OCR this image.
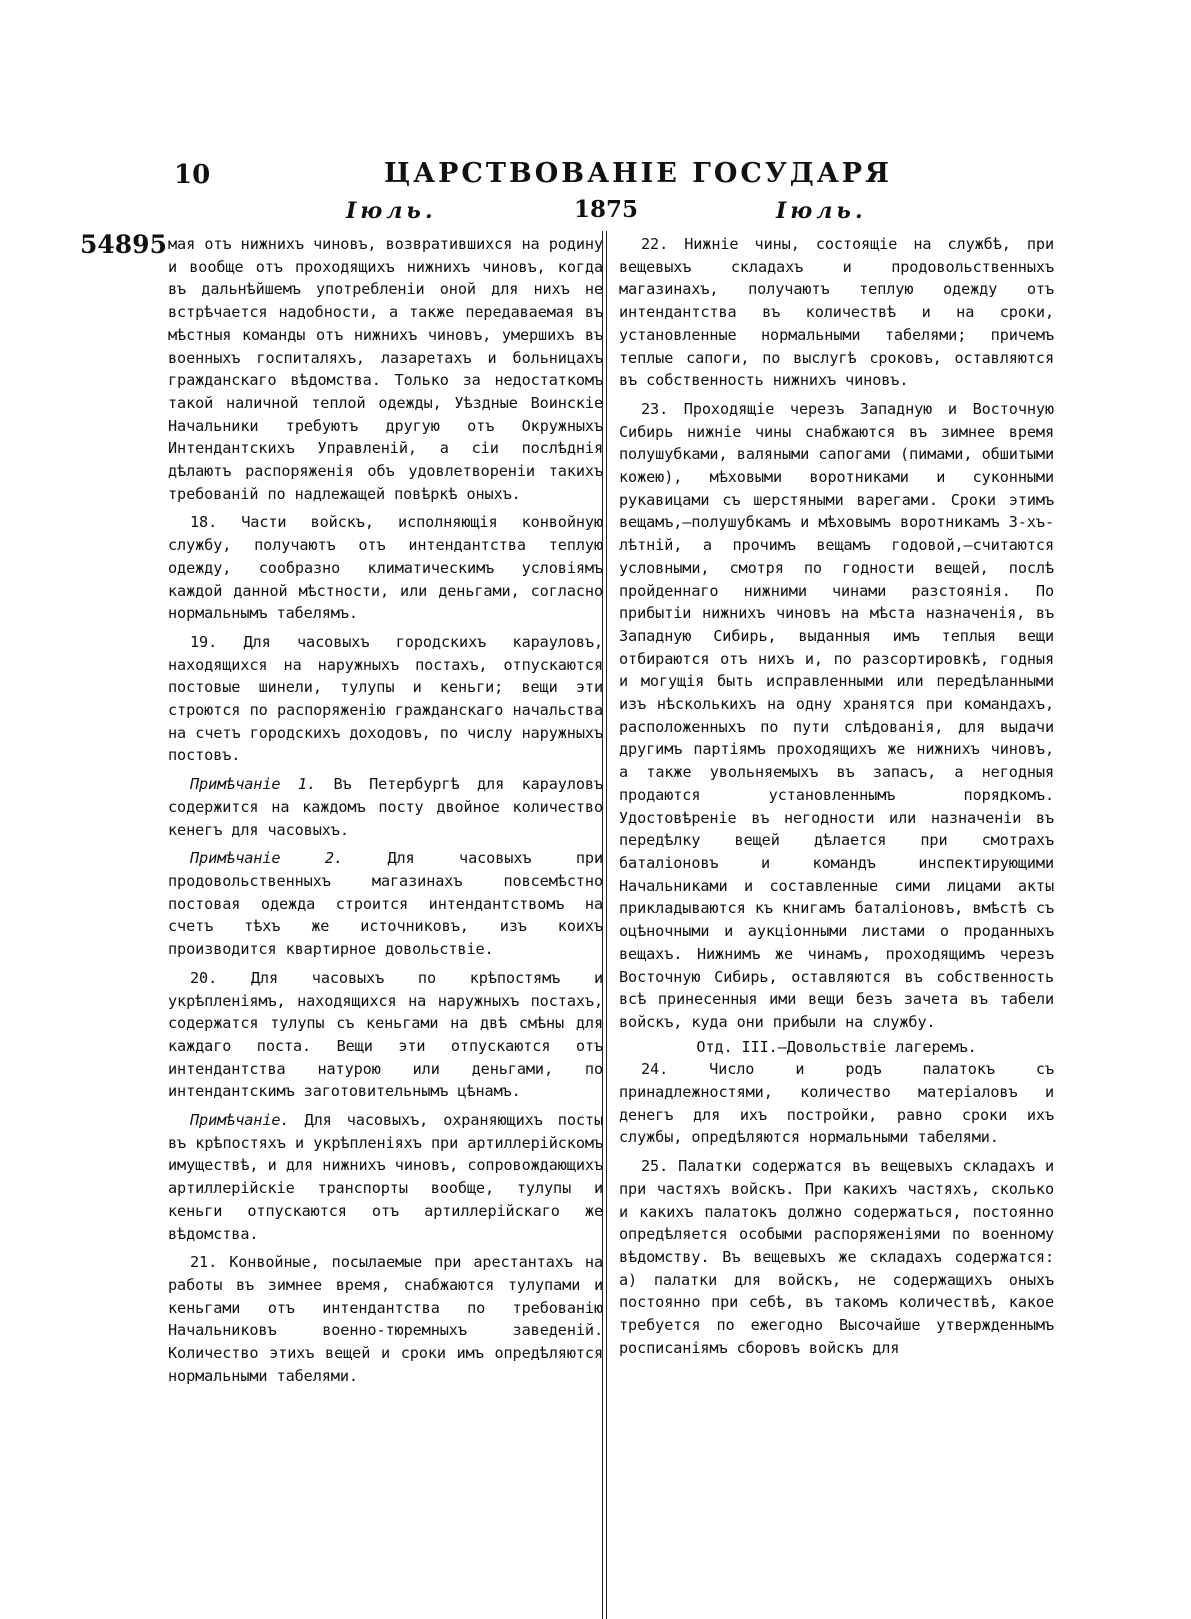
10	ЦАРСТВОВАНІЕ ГОСУДАРЯ
Іюль.	1875	Іюль.
54895 мая отъ нижнихъ чиновъ, возвратившихся на родину и вообще отъ проходящихъ нижнихъ чиновъ, когда въ дальнѣйшемъ употребленіи оной для нихъ не встрѣчается надобности, а также передаваемая въ мѣстныя команды отъ нижнихъ чиновъ, умершихъ въ военныхъ госпиталяхъ, лазаретахъ и больницахъ гражданскаго вѣдомства. Только за недостаткомъ такой наличной теплой одежды, Уѣздные Воинскіе Начальники требуютъ другую отъ Окружныхъ Интендантскихъ Управленій, а сіи послѣднія дѣлаютъ распоряженія объ удовлетвореніи такихъ требованій по надлежащей повѣркѣ оныхъ.

18. Части войскъ, исполняющія конвойную службу, получаютъ отъ интендантства теплую одежду, сообразно климатическимъ условіямъ каждой данной мѣстности, или деньгами, согласно нормальнымъ табелямъ.

19. Для часовыхъ городскихъ карауловъ, находящихся на наружныхъ постахъ, отпускаются постовые шинели, тулупы и кеньги; вещи эти строются по распоряженію гражданскаго начальства на счетъ городскихъ доходовъ, по числу наружныхъ постовъ.

Примѣчаніе 1. Въ Петербургѣ для карауловъ содержится на каждомъ посту двойное количество кенегъ для часовыхъ.

Примѣчаніе 2. Для часовыхъ при продовольственныхъ магазинахъ повсемѣстно постовая одежда строится интендантствомъ на счетъ тѣхъ же источниковъ, изъ коихъ производится квартирное довольствіе.

20. Для часовыхъ по крѣпостямъ и укрѣпленіямъ, находящихся на наружныхъ постахъ, содержатся тулупы съ кеньгами на двѣ смѣны для каждаго поста. Вещи эти отпускаются отъ интендантства натурою или деньгами, по интендантскимъ заготовительнымъ цѣнамъ.

Примѣчаніе. Для часовыхъ, охраняющихъ посты въ крѣпостяхъ и укрѣпленіяхъ при артиллерійскомъ имуществѣ, и для нижнихъ чиновъ, сопровождающихъ артиллерійскіе транспорты вообще, тулупы и кеньги отпускаются отъ артиллерійскаго же вѣдомства.

21. Конвойные, посылаемые при арестантахъ на работы въ зимнее время, снабжаются тулупами и кеньгами отъ интендантства по требованію Начальниковъ военно-тюремныхъ заведеній. Количество этихъ вещей и сроки имъ опредѣляются нормальными табелями.

22. Нижніе чины, состоящіе на службѣ, при вещевыхъ складахъ и продовольственныхъ магазинахъ, получаютъ теплую одежду отъ интендантства въ количествѣ и на сроки, установленные нормальными табелями; причемъ теплые сапоги, по выслугѣ сроковъ, оставляются въ собственность нижнихъ чиновъ.

23. Проходящіе черезъ Западную и Восточную Сибирь нижніе чины снабжаются въ зимнее время полушубками, валяными сапогами (пимами, обшитыми кожею), мѣховыми воротниками и суконными рукавицами съ шерстяными варегами. Сроки этимъ вещамъ,—полушубкамъ и мѣховымъ воротникамъ 3-хъ-лѣтній, а прочимъ вещамъ годовой,—считаются условными, смотря по годности вещей, послѣ пройденнаго нижними чинами разстоянія. По прибытіи нижнихъ чиновъ на мѣста назначенія, въ Западную Сибирь, выданныя имъ теплыя вещи отбираются отъ нихъ и, по разсортировкѣ, годныя и могущія быть исправленными или передѣланными изъ нѣсколькихъ на одну хранятся при командахъ, расположенныхъ по пути слѣдованія, для выдачи другимъ партіямъ проходящихъ же нижнихъ чиновъ, а также увольняемыхъ въ запасъ, а негодныя продаются установленнымъ порядкомъ. Удостовѣреніе въ негодности или назначеніи въ передѣлку вещей дѣлается при смотрахъ баталіоновъ и командъ инспектирующими Начальниками и составленные сими лицами акты прикладываются къ книгамъ баталіоновъ, вмѣстѣ съ оцѣночными и аукціонными листами о проданныхъ вещахъ. Нижнимъ же чинамъ, проходящимъ черезъ Восточную Сибирь, оставляются въ собственность всѣ принесенныя ими вещи безъ зачета въ табели войскъ, куда они прибыли на службу.

Отд. III.—Довольствіе лагеремъ.

24. Число и родъ палатокъ съ принадлежностями, количество матеріаловъ и денегъ для ихъ постройки, равно сроки ихъ службы, опредѣляются нормальными табелями.

25. Палатки содержатся въ вещевыхъ складахъ и при частяхъ войскъ. При какихъ частяхъ, сколько и какихъ палатокъ должно содержаться, постоянно опредѣляется особыми распоряженіями по военному вѣдомству. Въ вещевыхъ же складахъ содержатся: а) палатки для войскъ, не содержащихъ оныхъ постоянно при себѣ, въ такомъ количествѣ, какое требуется по ежегодно Высочайше утвержденнымъ росписаніямъ сборовъ войскъ для
